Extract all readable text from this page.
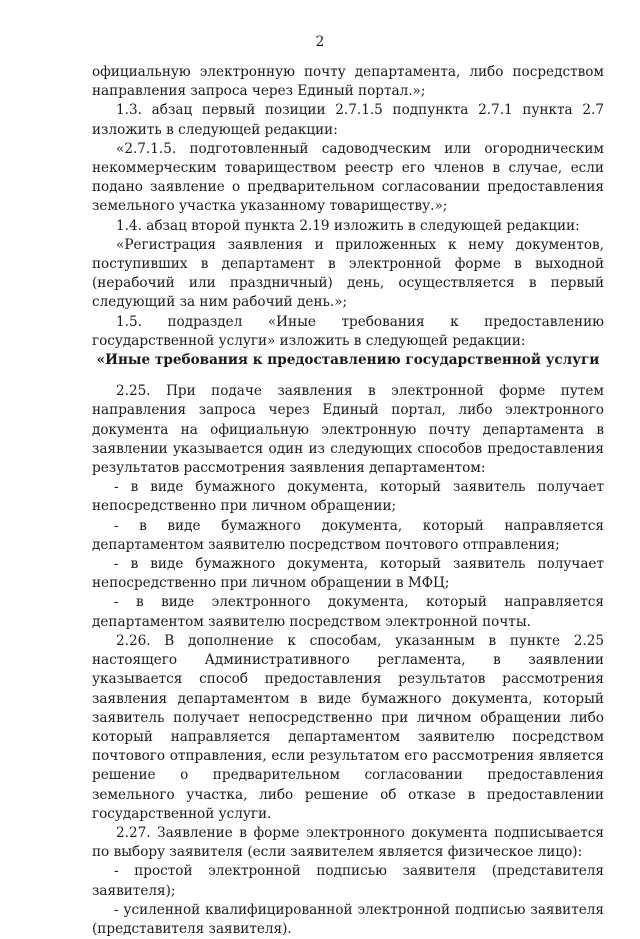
2

официальную электронную почту департамента, либо посредством направления запроса через Единый портал.»;

1.3. абзац первый позиции 2.7.1.5 подпункта 2.7.1 пункта 2.7 изложить в следующей редакции:

«2.7.1.5. подготовленный садоводческим или огородническим некоммерческим товариществом реестр его членов в случае, если подано заявление о предварительном согласовании предоставления земельного участка указанному товариществу.»;

1.4. абзац второй пункта 2.19 изложить в следующей редакции:

«Регистрация заявления и приложенных к нему документов, поступивших в департамент в электронной форме в выходной (нерабочий или праздничный) день, осуществляется в первый следующий за ним рабочий день.»;

1.5. подраздел «Иные требования к предоставлению государственной услуги» изложить в следующей редакции:

«Иные требования к предоставлению государственной услуги

2.25. При подаче заявления в электронной форме путем направления запроса через Единый портал, либо электронного документа на официальную электронную почту департамента в заявлении указывается один из следующих способов предоставления результатов рассмотрения заявления департаментом:

- в виде бумажного документа, который заявитель получает непосредственно при личном обращении;

- в виде бумажного документа, который направляется департаментом заявителю посредством почтового отправления;

- в виде бумажного документа, который заявитель получает непосредственно при личном обращении в МФЦ;

- в виде электронного документа, который направляется департаментом заявителю посредством электронной почты.

2.26. В дополнение к способам, указанным в пункте 2.25 настоящего Административного регламента, в заявлении указывается способ предоставления результатов рассмотрения заявления департаментом в виде бумажного документа, который заявитель получает непосредственно при личном обращении либо который направляется департаментом заявителю посредством почтового отправления, если результатом его рассмотрения является решение о предварительном согласовании предоставления земельного участка, либо решение об отказе в предоставлении государственной услуги.

2.27. Заявление в форме электронного документа подписывается по выбору заявителя (если заявителем является физическое лицо):

- простой электронной подписью заявителя (представителя заявителя);

- усиленной квалифицированной электронной подписью заявителя (представителя заявителя).
